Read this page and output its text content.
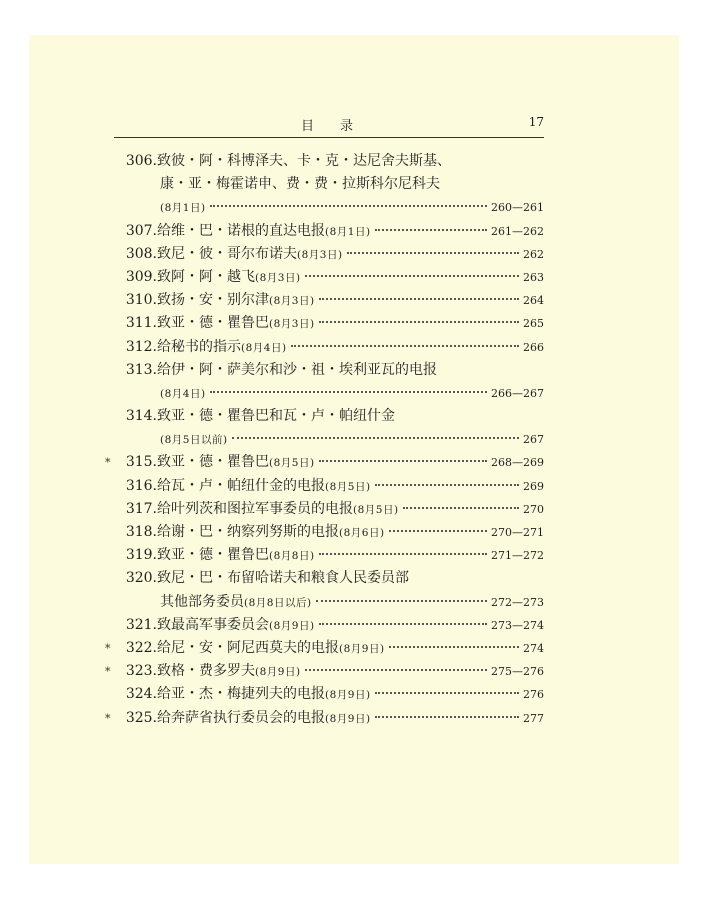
目录	17
306. 致彼・阿・科博泽夫、卡・克・达尼舍夫斯基、
康・亚・梅霍诺申、费・费・拉斯科尔尼科夫
(8月1日)	260—261
307. 给维・巴・诺根的直达电报 (8月1日)	261—262
308. 致尼・彼・哥尔布诺夫 (8月3日)	262
309. 致阿・阿・越飞 (8月3日)	263
310. 致扬・安・别尔津 (8月3日)	264
311. 致亚・德・瞿鲁巴 (8月3日)	265
312. 给秘书的指示 (8月4日)	266
313. 给伊・阿・萨美尔和沙・祖・埃利亚瓦的电报
(8月4日)	266—267
314. 致亚・德・瞿鲁巴和瓦・卢・帕纽什金
(8月5日以前)	267
*	315. 致亚・德・瞿鲁巴 (8月5日)	268—269
316. 给瓦・卢・帕纽什金的电报 (8月5日)	269
317. 给叶列茨和图拉军事委员的电报 (8月5日)	270
318. 给谢・巴・纳察列努斯的电报 (8月6日)	270—271
319. 致亚・德・瞿鲁巴 (8月8日)	271—272
320. 致尼・巴・布留哈诺夫和粮食人民委员部
其他部务委员 (8月8日以后)	272—273
321. 致最高军事委员会 (8月9日)	273—274
*	322. 给尼・安・阿尼西莫夫的电报 (8月9日)	274
*	323. 致格・费多罗夫 (8月9日)	275—276
324. 给亚・杰・梅捷列夫的电报 (8月9日)	276
*	325. 给奔萨省执行委员会的电报 (8月9日)	277
